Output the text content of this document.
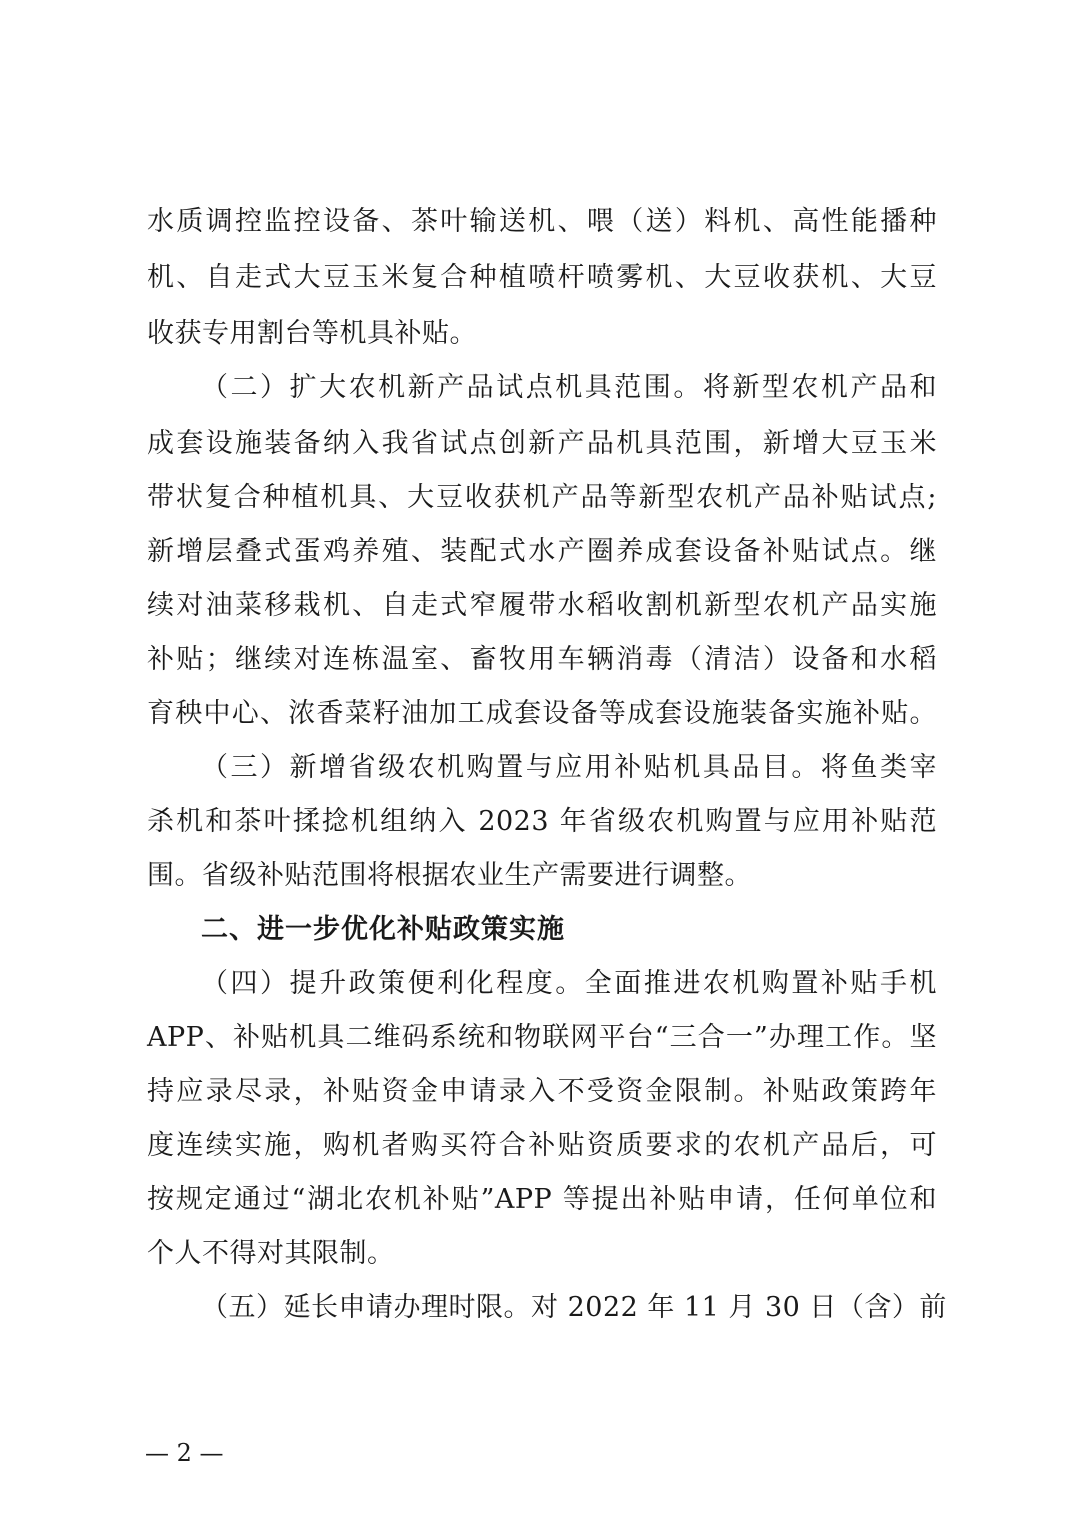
水质调控监控设备、茶叶输送机、喂（送）料机、高性能播种
机、自走式大豆玉米复合种植喷杆喷雾机、大豆收获机、大豆
收获专用割台等机具补贴。
（二）扩大农机新产品试点机具范围。将新型农机产品和
成套设施装备纳入我省试点创新产品机具范围，新增大豆玉米
带状复合种植机具、大豆收获机产品等新型农机产品补贴试点;
新增层叠式蛋鸡养殖、装配式水产圈养成套设备补贴试点。继
续对油菜移栽机、自走式窄履带水稻收割机新型农机产品实施
补贴；继续对连栋温室、畜牧用车辆消毒（清洁）设备和水稻
育秧中心、浓香菜籽油加工成套设备等成套设施装备实施补贴。
（三）新增省级农机购置与应用补贴机具品目。将鱼类宰
杀机和茶叶揉捻机组纳入 2023 年省级农机购置与应用补贴范
围。省级补贴范围将根据农业生产需要进行调整。
二、进一步优化补贴政策实施
（四）提升政策便利化程度。全面推进农机购置补贴手机
APP、补贴机具二维码系统和物联网平台“三合一”办理工作。坚
持应录尽录，补贴资金申请录入不受资金限制。补贴政策跨年
度连续实施，购机者购买符合补贴资质要求的农机产品后，可
按规定通过“湖北农机补贴”APP 等提出补贴申请，任何单位和
个人不得对其限制。
（五）延长申请办理时限。对 2022 年 11 月 30 日（含）前
— 2 —
